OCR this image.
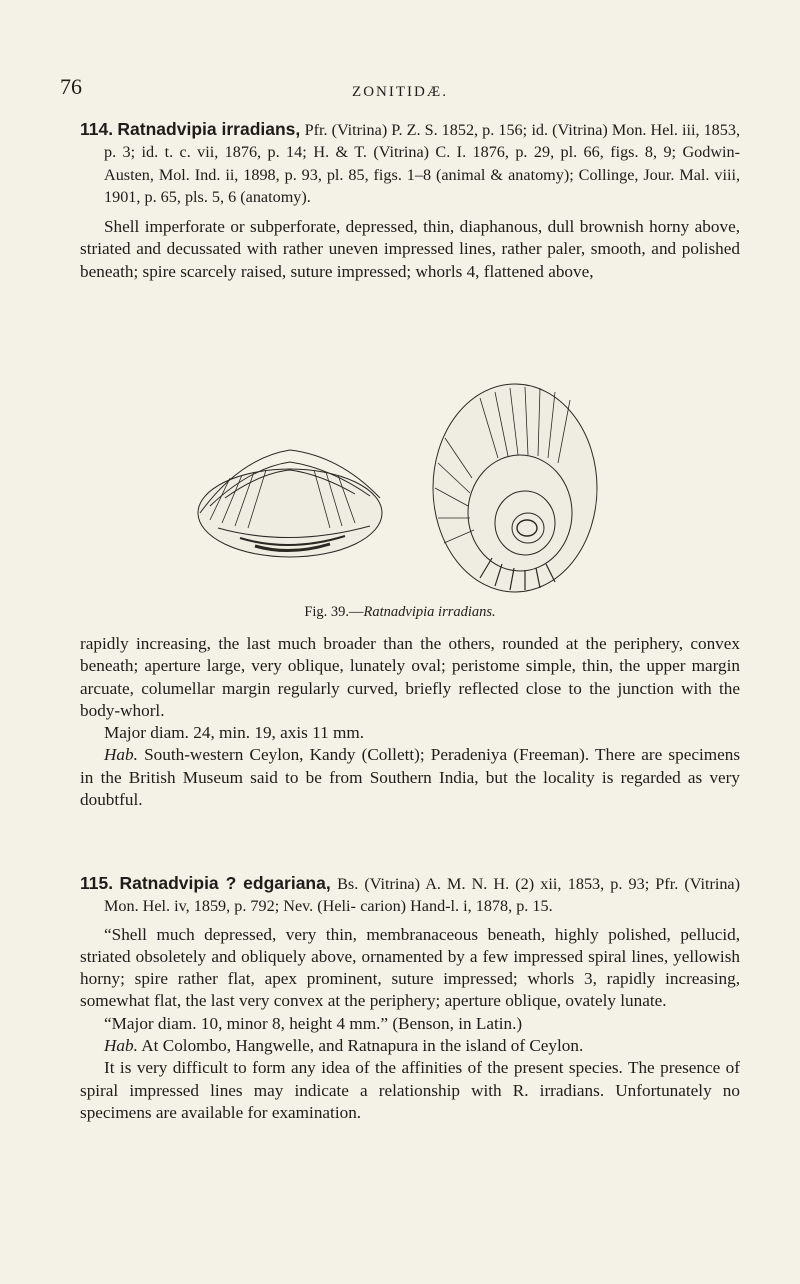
76	ZONITIDÆ.

114. Ratnadvipia irradians, Pfr. (Vitrina) P. Z. S. 1852, p. 156; id. (Vitrina) Mon. Hel. iii, 1853, p. 3; id. t. c. vii, 1876, p. 14; H. & T. (Vitrina) C. I. 1876, p. 29, pl. 66, figs. 8, 9; Godwin- Austen, Mol. Ind. ii, 1898, p. 93, pl. 85, figs. 1–8 (animal & anatomy); Collinge, Jour. Mal. viii, 1901, p. 65, pls. 5, 6 (anatomy).

Shell imperforate or subperforate, depressed, thin, diaphanous, dull brownish horny above, striated and decussated with rather uneven impressed lines, rather paler, smooth, and polished beneath; spire scarcely raised, suture impressed; whorls 4, flattened above,

Fig. 39.—Ratnadvipia irradians.

rapidly increasing, the last much broader than the others, rounded at the periphery, convex beneath; aperture large, very oblique, lunately oval; peristome simple, thin, the upper margin arcuate, columellar margin regularly curved, briefly reflected close to the junction with the body-whorl.

Major diam. 24, min. 19, axis 11 mm.

Hab. South-western Ceylon, Kandy (Collett); Peradeniya (Freeman). There are specimens in the British Museum said to be from Southern India, but the locality is regarded as very doubtful.

115. Ratnadvipia ? edgariana, Bs. (Vitrina) A. M. N. H. (2) xii, 1853, p. 93; Pfr. (Vitrina) Mon. Hel. iv, 1859, p. 792; Nev. (Heli- carion) Hand-l. i, 1878, p. 15.

“Shell much depressed, very thin, membranaceous beneath, highly polished, pellucid, striated obsoletely and obliquely above, ornamented by a few impressed spiral lines, yellowish horny; spire rather flat, apex prominent, suture impressed; whorls 3, rapidly increasing, somewhat flat, the last very convex at the periphery; aperture oblique, ovately lunate.

“Major diam. 10, minor 8, height 4 mm.” (Benson, in Latin.)

Hab. At Colombo, Hangwelle, and Ratnapura in the island of Ceylon.

It is very difficult to form any idea of the affinities of the present species. The presence of spiral impressed lines may indicate a relationship with R. irradians. Unfortunately no specimens are available for examination.
